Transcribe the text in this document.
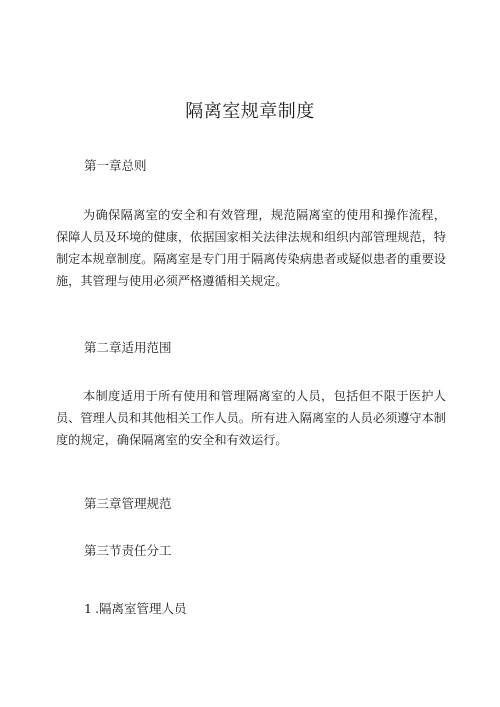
隔离室规章制度
第一章总则

为确保隔离室的安全和有效管理，规范隔离室的使用和操作流程，保障人员及环境的健康，依据国家相关法律法规和组织内部管理规范，特制定本规章制度。隔离室是专门用于隔离传染病患者或疑似患者的重要设施，其管理与使用必须严格遵循相关规定。

第二章适用范围

本制度适用于所有使用和管理隔离室的人员，包括但不限于医护人员、管理人员和其他相关工作人员。所有进入隔离室的人员必须遵守本制度的规定，确保隔离室的安全和有效运行。

第三章管理规范
第三节责任分工

1 .隔离室管理人员
